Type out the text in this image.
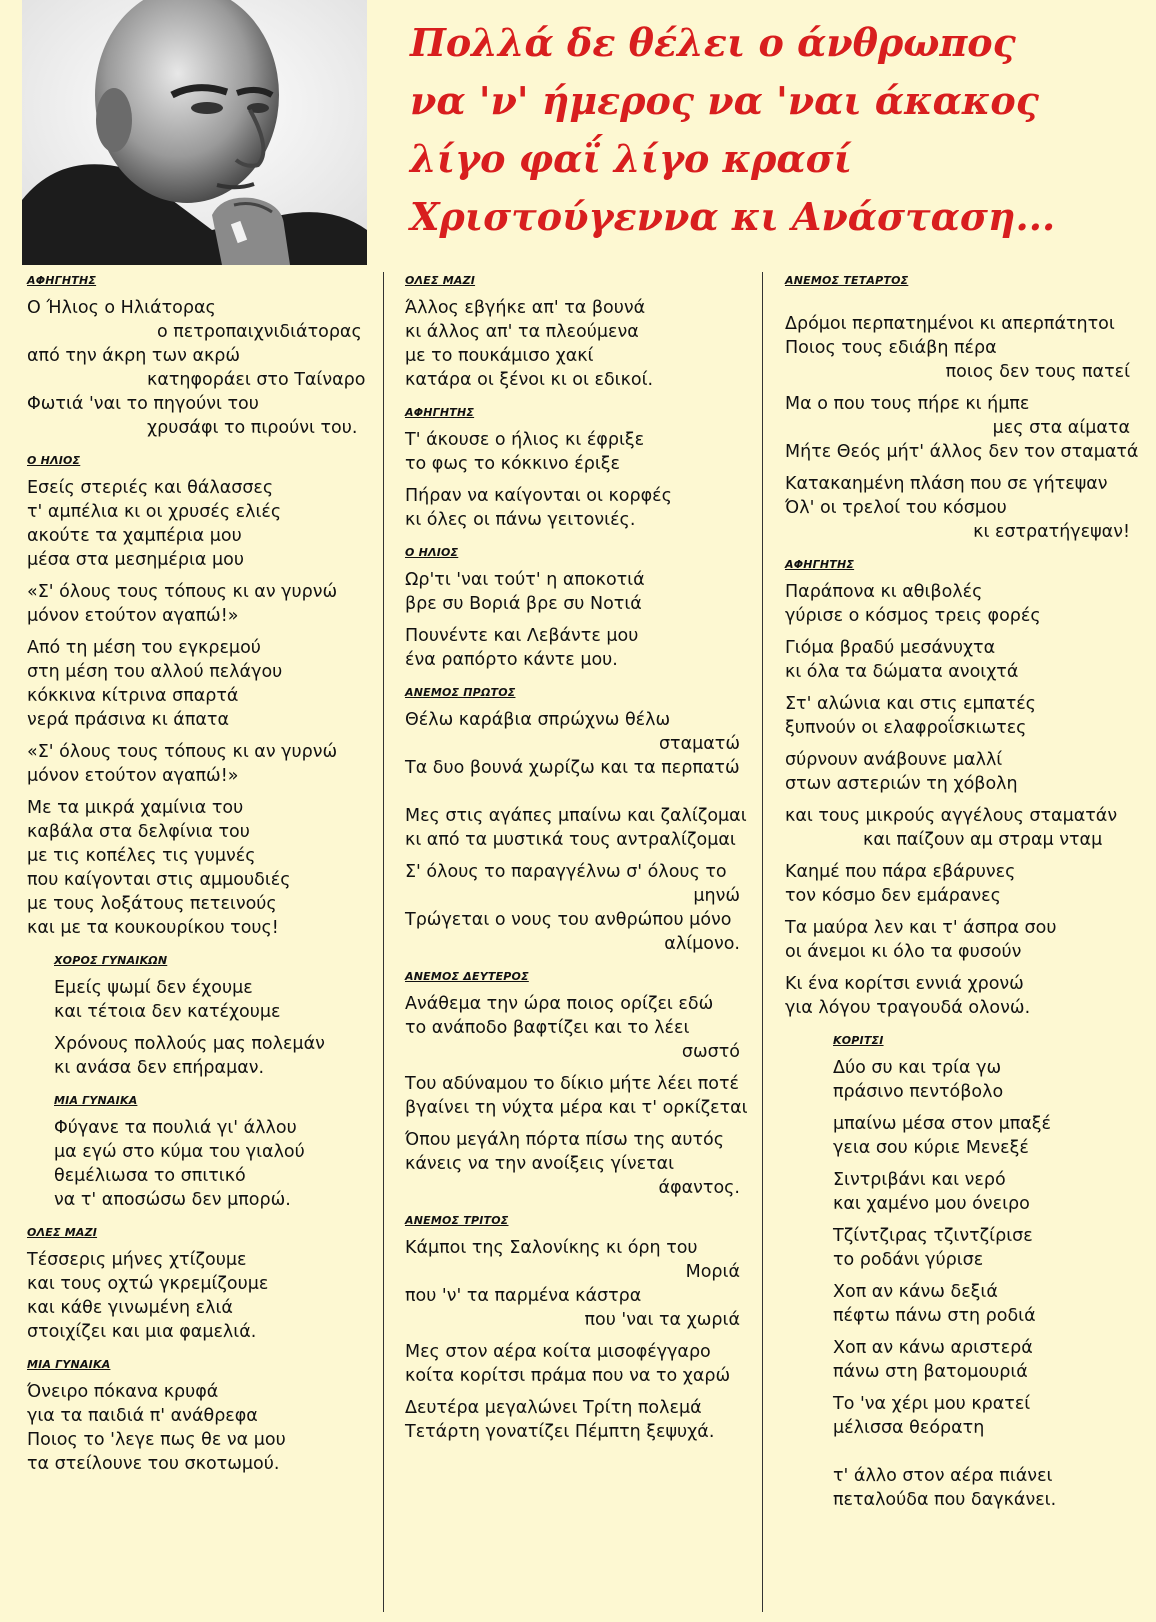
Πολλά δε θέλει ο άνθρωπος
να 'ν' ήμερος να 'ναι άκακος
λίγο φαΐ λίγο κρασί
Χριστούγεννα κι Ανάσταση...
ΑΦΗΓΗΤΗΣ
Ο Ήλιος ο Ηλιάτορας
ο πετροπαιχνιδιάτορας
από την άκρη των ακρώ
κατηφοράει στο Ταίναρο
Φωτιά 'ναι το πηγούνι του
χρυσάφι το πιρούνι του.
Ο ΗΛΙΟΣ
Εσείς στεριές και θάλασσες
τ' αμπέλια κι οι χρυσές ελιές
ακούτε τα χαμπέρια μου
μέσα στα μεσημέρια μου
«Σ' όλους τους τόπους κι αν γυρνώ
μόνον ετούτον αγαπώ!»
Από τη μέση του εγκρεμού
στη μέση του αλλού πελάγου
κόκκινα κίτρινα σπαρτά
νερά πράσινα κι άπατα
«Σ' όλους τους τόπους κι αν γυρνώ
μόνον ετούτον αγαπώ!»
Με τα μικρά χαμίνια του
καβάλα στα δελφίνια του
με τις κοπέλες τις γυμνές
που καίγονται στις αμμουδιές
με τους λοξάτους πετεινούς
και με τα κουκουρίκου τους!
ΧΟΡΟΣ ΓΥΝΑΙΚΩΝ
Εμείς ψωμί δεν έχουμε
και τέτοια δεν κατέχουμε
Χρόνους πολλούς μας πολεμάν
κι ανάσα δεν επήραμαν.
ΜΙΑ ΓΥΝΑΙΚΑ
Φύγανε τα πουλιά γι' άλλου
μα εγώ στο κύμα του γιαλού
θεμέλιωσα το σπιτικό
να τ' αποσώσω δεν μπορώ.
ΟΛΕΣ ΜΑΖΙ
Τέσσερις μήνες χτίζουμε
και τους οχτώ γκρεμίζουμε
και κάθε γινωμένη ελιά
στοιχίζει και μια φαμελιά.
ΜΙΑ ΓΥΝΑΙΚΑ
Όνειρο πόκανα κρυφά
για τα παιδιά π' ανάθρεφα
Ποιος το 'λεγε πως θε να μου
τα στείλουνε του σκοτωμού.
ΟΛΕΣ ΜΑΖΙ
Άλλος εβγήκε απ' τα βουνά
κι άλλος απ' τα πλεούμενα
με το πουκάμισο χακί
κατάρα οι ξένοι κι οι εδικοί.
ΑΦΗΓΗΤΗΣ
Τ' άκουσε ο ήλιος κι έφριξε
το φως το κόκκινο έριξε
Πήραν να καίγονται οι κορφές
κι όλες οι πάνω γειτονιές.
Ο ΗΛΙΟΣ
Ωρ'τι 'ναι τούτ' η αποκοτιά
βρε συ Βοριά βρε συ Νοτιά
Πουνέντε και Λεβάντε μου
ένα ραπόρτο κάντε μου.
ΑΝΕΜΟΣ ΠΡΩΤΟΣ
Θέλω καράβια σπρώχνω θέλω
σταματώ
Τα δυο βουνά χωρίζω και τα περπατώ
Μες στις αγάπες μπαίνω και ζαλίζομαι
κι από τα μυστικά τους αντραλίζομαι
Σ' όλους το παραγγέλνω σ' όλους το
μηνώ
Τρώγεται ο νους του ανθρώπου μόνο
αλίμονο.
ΑΝΕΜΟΣ ΔΕΥΤΕΡΟΣ
Ανάθεμα την ώρα ποιος ορίζει εδώ
το ανάποδο βαφτίζει και το λέει
σωστό
Του αδύναμου το δίκιο μήτε λέει ποτέ
βγαίνει τη νύχτα μέρα και τ' ορκίζεται
Όπου μεγάλη πόρτα πίσω της αυτός
κάνεις να την ανοίξεις γίνεται
άφαντος.
ΑΝΕΜΟΣ ΤΡΙΤΟΣ
Κάμποι της Σαλονίκης κι όρη του
Μοριά
που 'ν' τα παρμένα κάστρα
που 'ναι τα χωριά
Μες στον αέρα κοίτα μισοφέγγαρο
κοίτα κορίτσι πράμα που να το χαρώ
Δευτέρα μεγαλώνει Τρίτη πολεμά
Τετάρτη γονατίζει Πέμπτη ξεψυχά.
ΑΝΕΜΟΣ ΤΕΤΑΡΤΟΣ
Δρόμοι περπατημένοι κι απερπάτητοι
Ποιος τους εδιάβη πέρα
ποιος δεν τους πατεί
Μα ο που τους πήρε κι ήμπε
μες στα αίματα
Μήτε Θεός μήτ' άλλος δεν τον σταματά
Κατακαημένη πλάση που σε γήτεψαν
Όλ' οι τρελοί του κόσμου
κι εστρατήγεψαν!
ΑΦΗΓΗΤΗΣ
Παράπονα κι αθιβολές
γύρισε ο κόσμος τρεις φορές
Γιόμα βραδύ μεσάνυχτα
κι όλα τα δώματα ανοιχτά
Στ' αλώνια και στις εμπατές
ξυπνούν οι ελαφροΐσκιωτες
σύρνουν ανάβουνε μαλλί
στων αστεριών τη χόβολη
και τους μικρούς αγγέλους σταματάν
και παίζουν αμ στραμ νταμ
Καημέ που πάρα εβάρυνες
τον κόσμο δεν εμάρανες
Τα μαύρα λεν και τ' άσπρα σου
οι άνεμοι κι όλο τα φυσούν
Κι ένα κορίτσι εννιά χρονώ
για λόγου τραγουδά ολονώ.
ΚΟΡΙΤΣΙ
Δύο συ και τρία γω
πράσινο πεντόβολο
μπαίνω μέσα στον μπαξέ
γεια σου κύριε Μενεξέ
Σιντριβάνι και νερό
και χαμένο μου όνειρο
Τζίντζιρας τζιντζίρισε
το ροδάνι γύρισε
Χοπ αν κάνω δεξιά
πέφτω πάνω στη ροδιά
Χοπ αν κάνω αριστερά
πάνω στη βατομουριά
Το 'να χέρι μου κρατεί
μέλισσα θεόρατη
τ' άλλο στον αέρα πιάνει
πεταλούδα που δαγκάνει.
